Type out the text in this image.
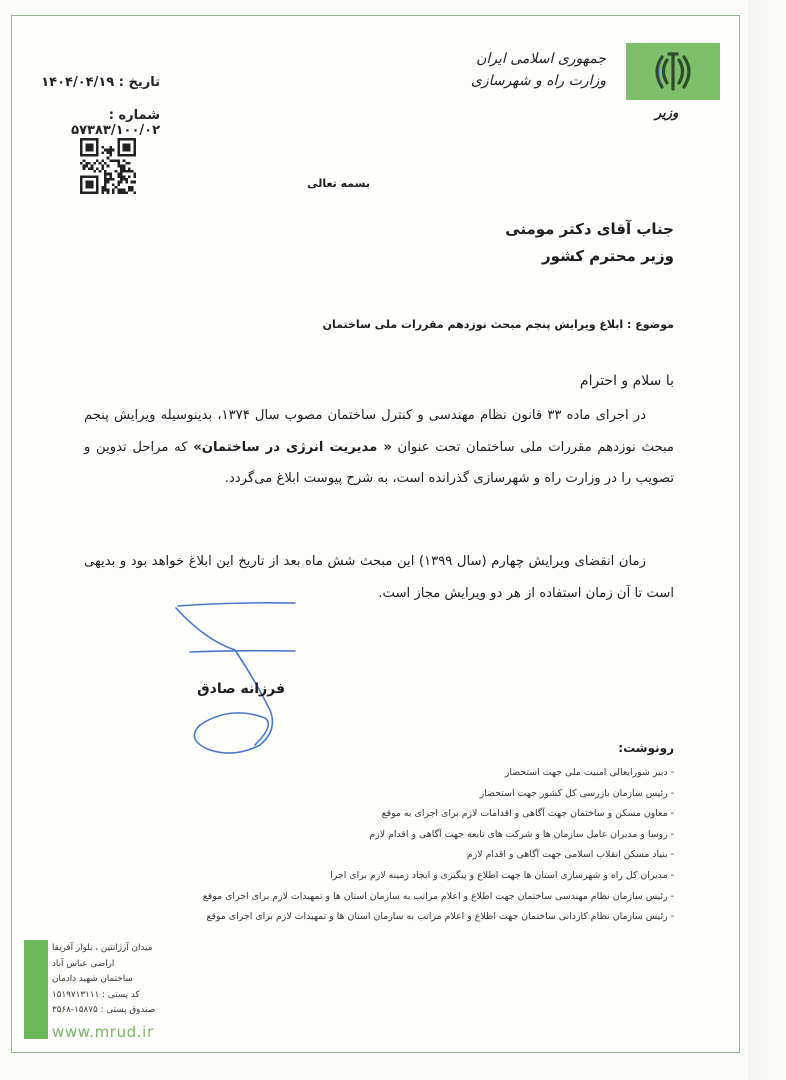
جمهوری اسلامی ایران
وزارت راه و شهرسازی
وزیر
تاریخ : ۱۴۰۴/۰۴/۱۹
شماره : ۵۷۳۸۳/۱۰۰/۰۲
بسمه تعالی
جناب آقای دکتر مومنی
وزیر محترم کشور
موضوع : ابلاغ ویرایش پنجم مبحث نوزدهم مقررات ملی ساختمان
با سلام و احترام
در اجرای ماده ۳۳ قانون نظام مهندسی و کنترل ساختمان مصوب سال ۱۳۷۴، بدینوسیله ویرایش پنجم مبحث نوزدهم مقررات ملی ساختمان تحت عنوان « مدیریت انرژی در ساختمان» که مراحل تدوین و تصویب را در وزارت راه و شهرسازی گذرانده است، به شرح پیوست ابلاغ می‌گردد.
زمان انقضای ویرایش چهارم (سال ۱۳۹۹) این مبحث شش ماه بعد از تاریخ این ابلاغ خواهد بود و بدیهی است تا آن زمان استفاده از هر دو ویرایش مجاز است.
فرزانه صادق
رونوشت:
- دبیر شورایعالی امنیت ملی جهت استحضار
- رئیس سازمان بازرسی کل کشور جهت استحضار
- معاون مسکن و ساختمان جهت آگاهی و اقدامات لازم برای اجرای به موقع
- روسا و مدیران عامل سازمان ها و شرکت های تابعه جهت آگاهی و اقدام لازم
- بنیاد مسکن انقلاب اسلامی جهت آگاهی و اقدام لازم
- مدیران کل راه و شهرسازی استان ها جهت اطلاع و پیگیری و ایجاد زمینه لازم برای اجرا
- رئیس سازمان نظام مهندسی ساختمان جهت اطلاع و اعلام مراتب به سازمان استان ها و تمهیدات لازم برای اجرای موقع
- رئیس سازمان نظام کاردانی ساختمان جهت اطلاع و اعلام مراتب به سازمان استان ها و تمهیدات لازم برای اجرای موقع
میدان آرژانتین ، بلوار آفریقا
اراضی عباس آباد
ساختمان شهید دادمان
کد پستی : ۱۵۱۹۷۱۳۱۱۱
صندوق پستی : ۱۵۸۷۵-۳۵۶۸
www.mrud.ir
